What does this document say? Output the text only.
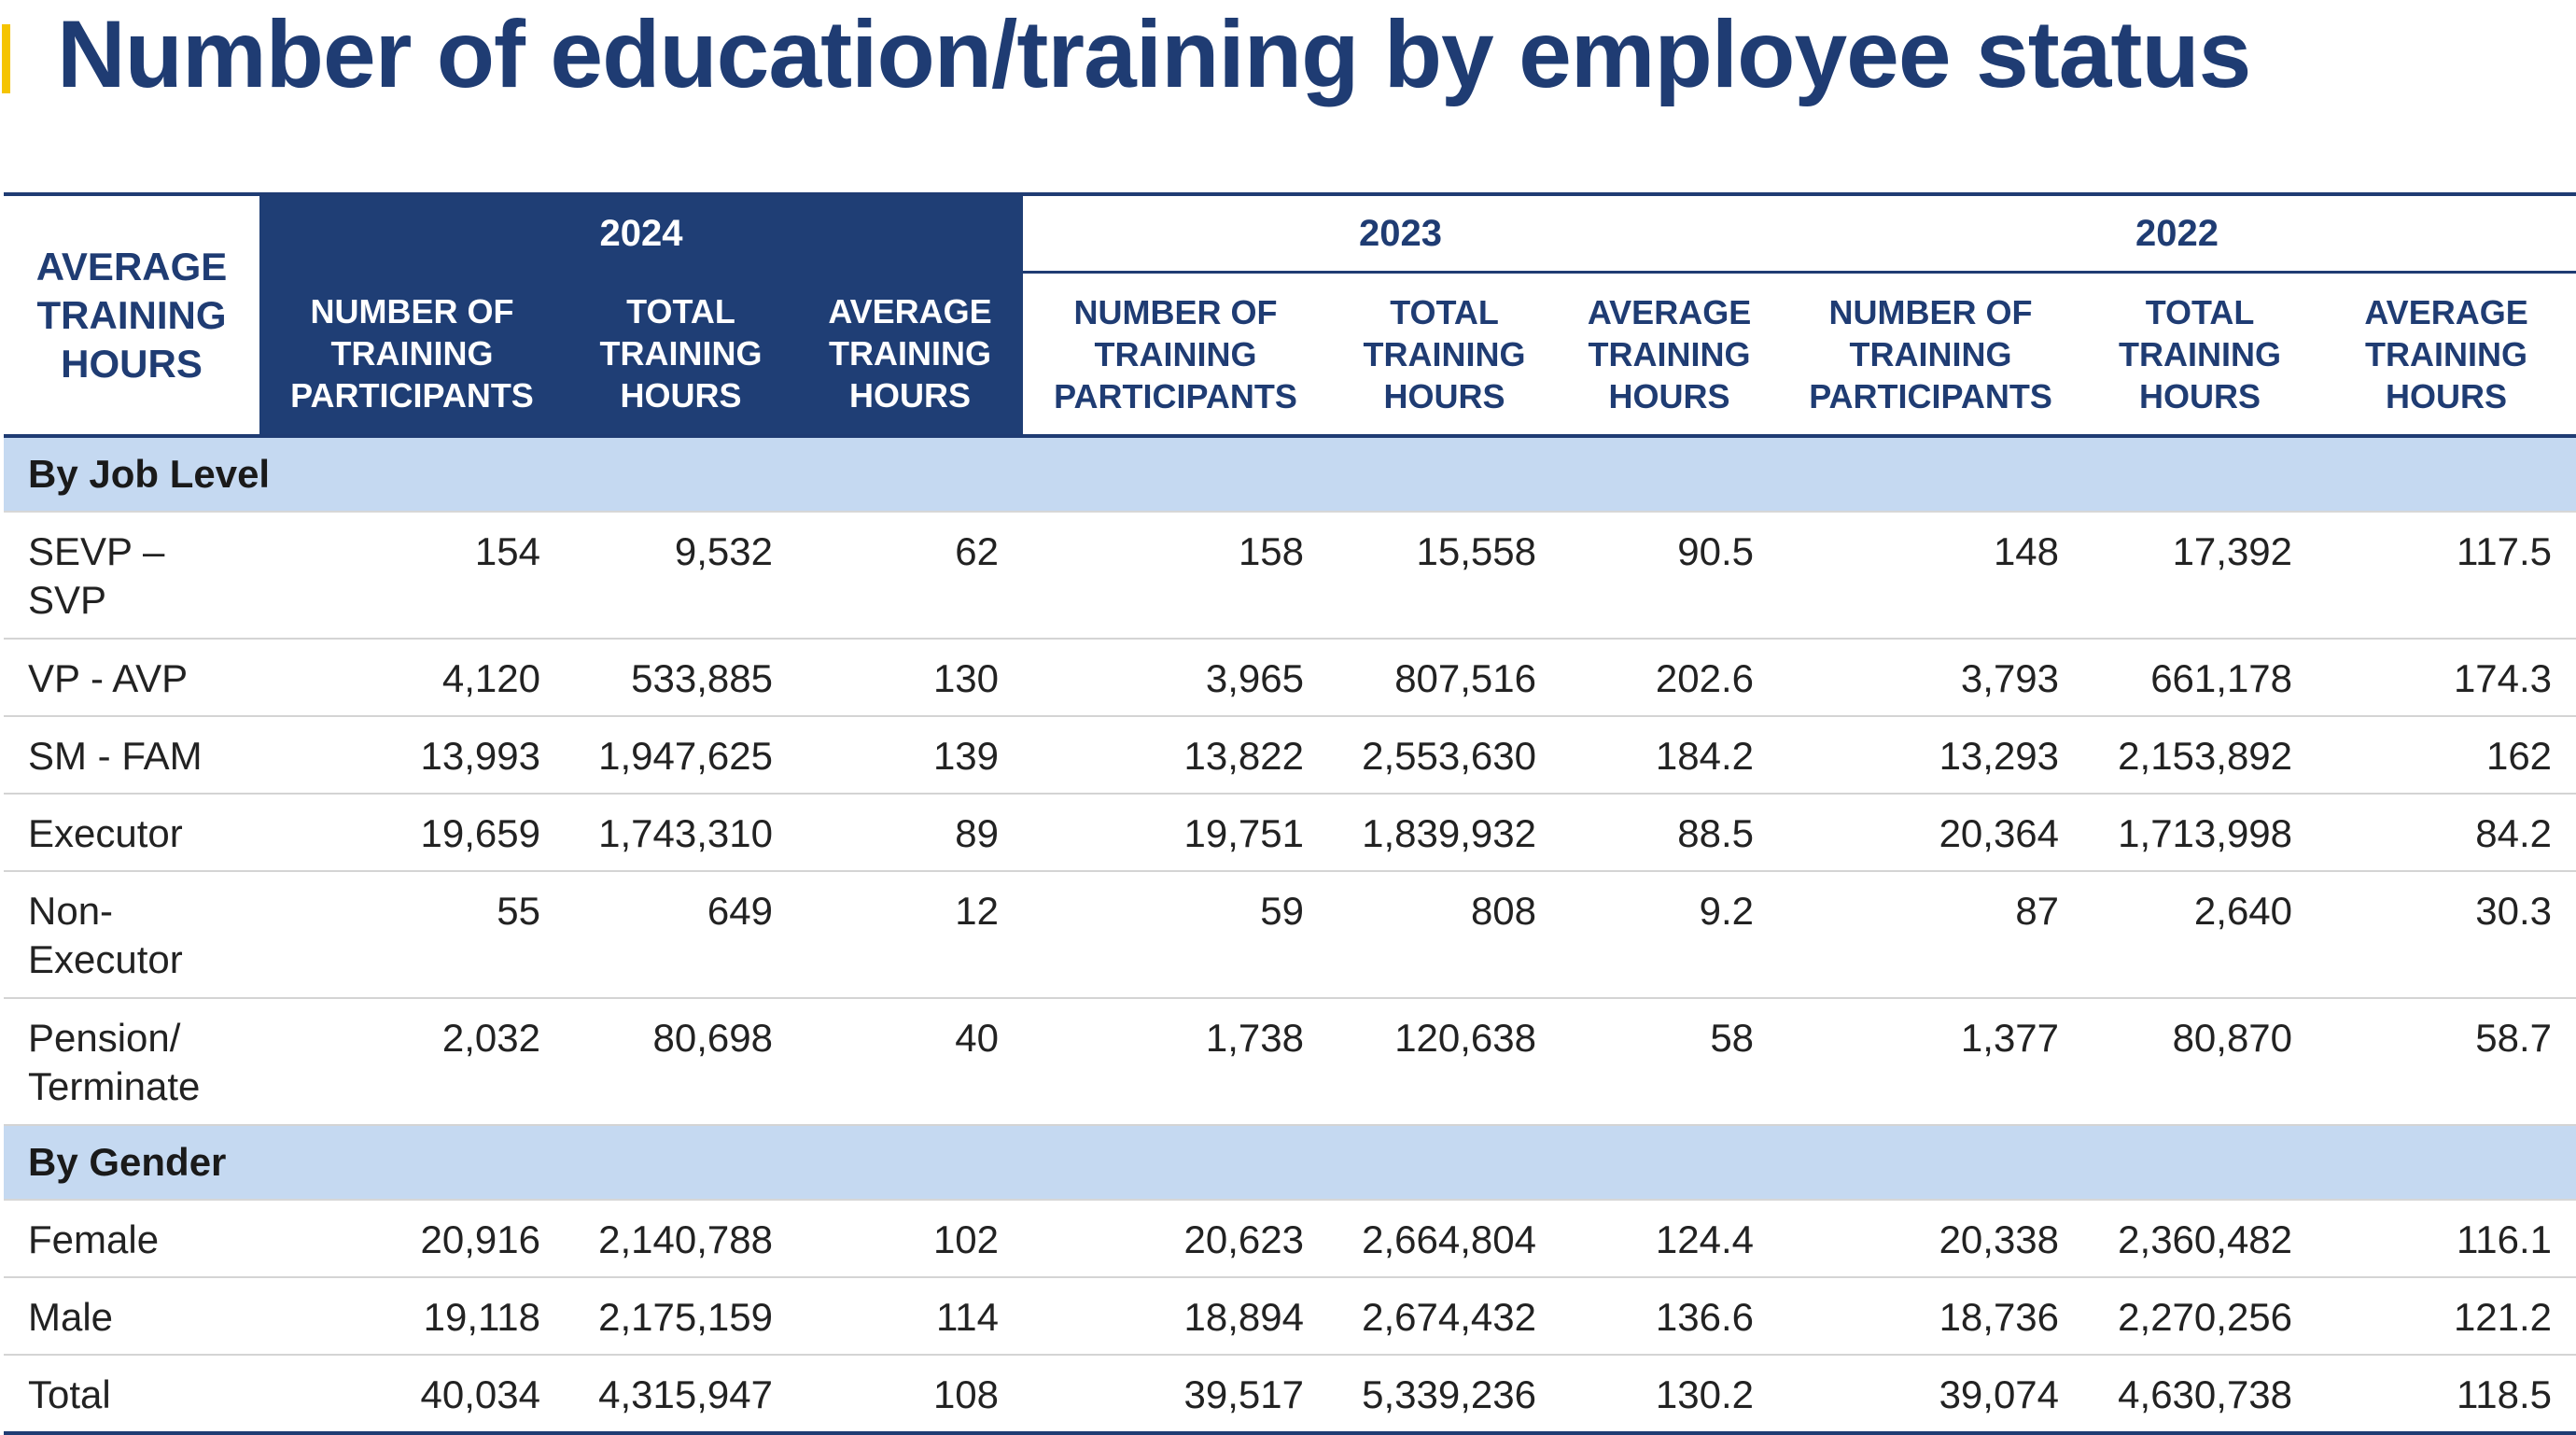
Number of education/training by employee status
AVERAGE TRAINING HOURS	2024			2023			2022		
	NUMBER OF TRAINING PARTICIPANTS	TOTAL TRAINING HOURS	AVERAGE TRAINING HOURS	NUMBER OF TRAINING PARTICIPANTS	TOTAL TRAINING HOURS	AVERAGE TRAINING HOURS	NUMBER OF TRAINING PARTICIPANTS	TOTAL TRAINING HOURS	AVERAGE TRAINING HOURS
By Job Level									
SEVP – SVP	154	9,532	62	158	15,558	90.5	148	17,392	117.5
VP - AVP	4,120	533,885	130	3,965	807,516	202.6	3,793	661,178	174.3
SM - FAM	13,993	1,947,625	139	13,822	2,553,630	184.2	13,293	2,153,892	162
Executor	19,659	1,743,310	89	19,751	1,839,932	88.5	20,364	1,713,998	84.2
Non-Executor	55	649	12	59	808	9.2	87	2,640	30.3
Pension/ Terminate	2,032	80,698	40	1,738	120,638	58	1,377	80,870	58.7
By Gender									
Female	20,916	2,140,788	102	20,623	2,664,804	124.4	20,338	2,360,482	116.1
Male	19,118	2,175,159	114	18,894	2,674,432	136.6	18,736	2,270,256	121.2
Total	40,034	4,315,947	108	39,517	5,339,236	130.2	39,074	4,630,738	118.5
